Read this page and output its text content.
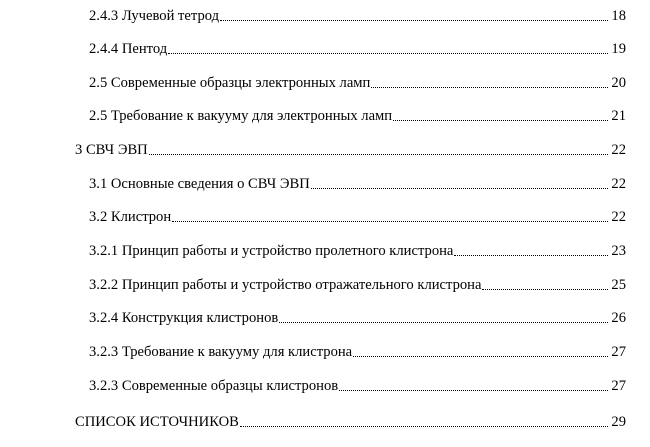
2.4.3 Лучевой тетрод	18
2.4.4 Пентод	19
2.5 Современные образцы электронных ламп	20
2.5 Требование к вакууму для электронных ламп	21
3 СВЧ ЭВП	22
3.1 Основные сведения о СВЧ ЭВП	22
3.2 Клистрон	22
3.2.1 Принцип работы и устройство пролетного клистрона	23
3.2.2 Принцип работы и устройство отражательного клистрона	25
3.2.4 Конструкция клистронов	26
3.2.3 Требование к вакууму для клистрона	27
3.2.3 Современные образцы клистронов	27
СПИСОК ИСТОЧНИКОВ	29
